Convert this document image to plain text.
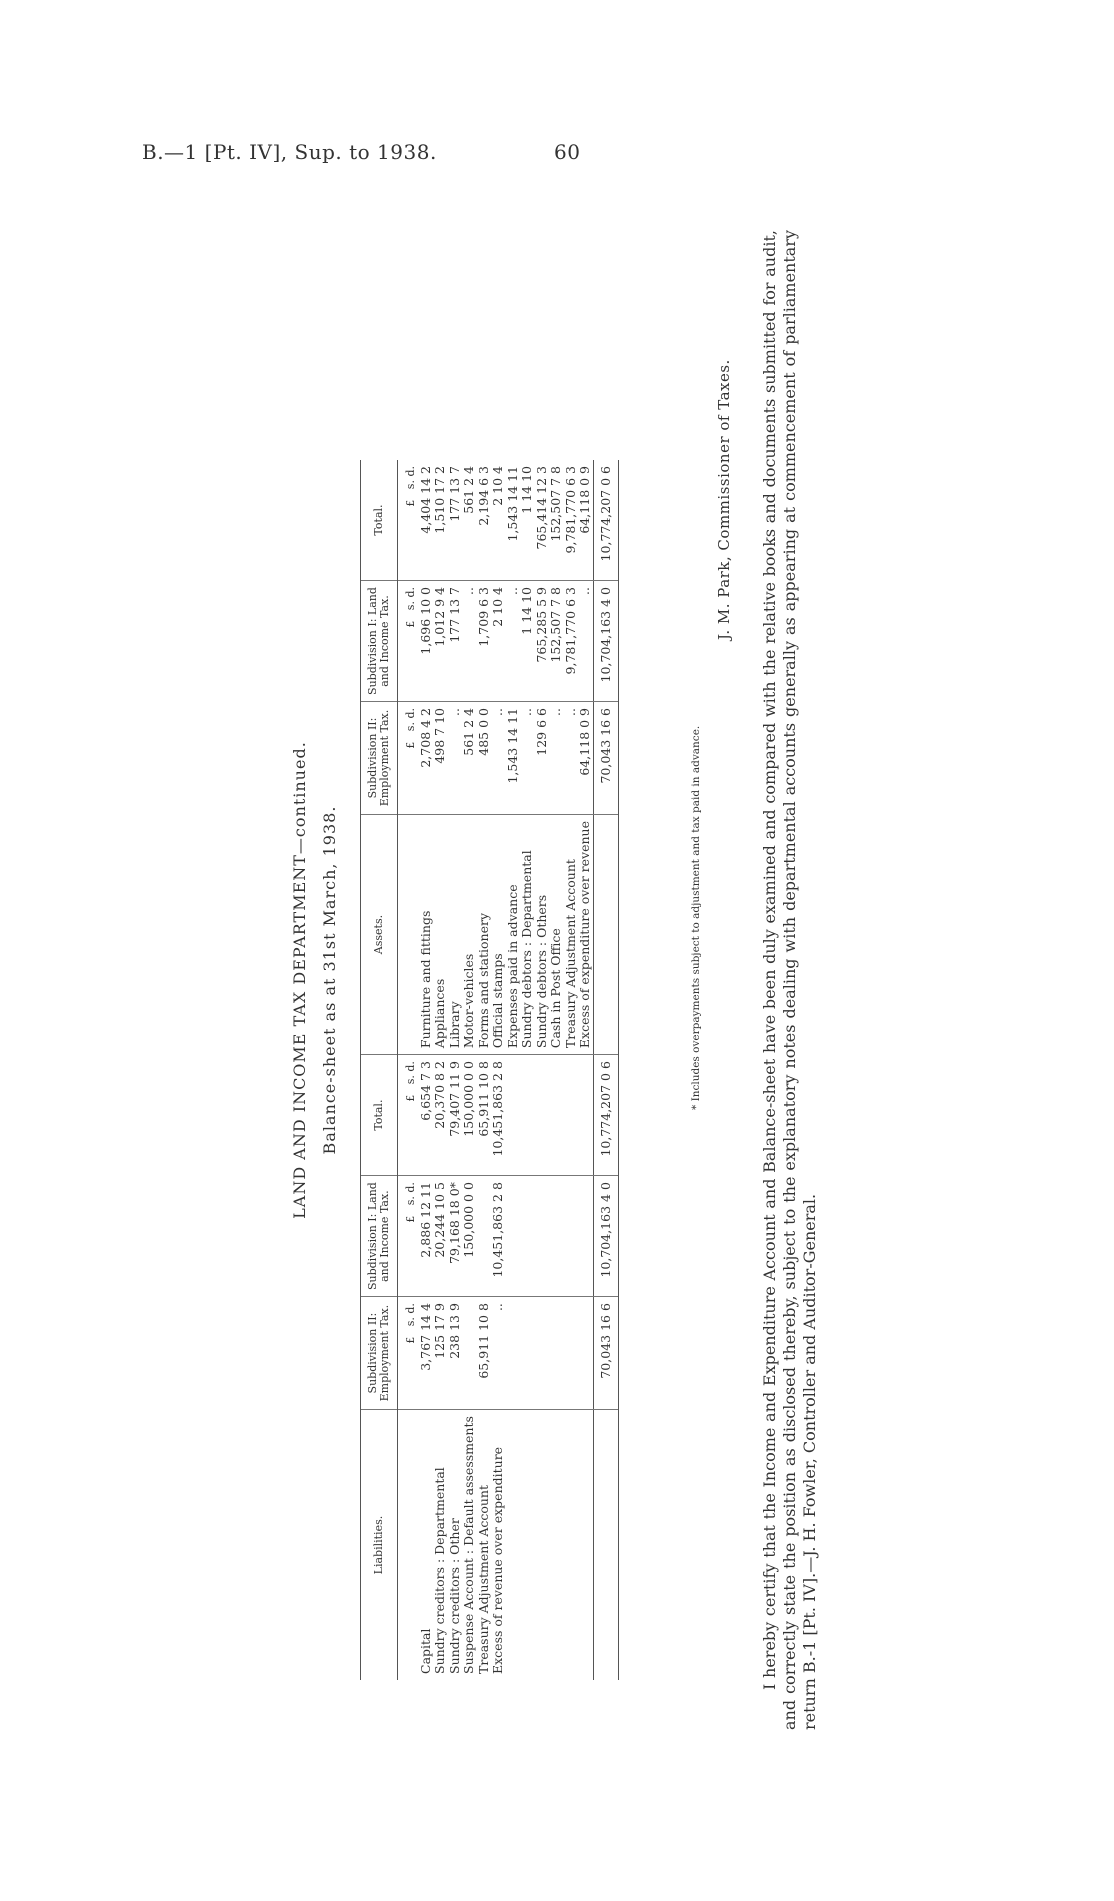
B.—1 [Pt. IV], Sup. to 1938.	60
LAND AND INCOME TAX DEPARTMENT—continued. Balance-sheet as at 31st March, 1938.
Liabilities.	Subdivision II: Employment Tax.	Subdivision I: Land and Income Tax.	Total.	Assets.	Subdivision II: Employment Tax.	Subdivision I: Land and Income Tax.	Total.
	£   s. d.	£   s. d.	£   s. d.		£   s. d.	£   s. d.	£   s. d.
Capital	3,767 14 4	2,886 12 11	6,654 7 3	Furniture and fittings	2,708 4 2	1,696 10 0	4,404 14 2
Sundry creditors : Departmental	125 17 9	20,244 10 5	20,370 8 2	Appliances	498 7 10	1,012 9 4	1,510 17 2
Sundry creditors : Other	238 13 9	79,168 18 0*	79,407 11 9	Library	..	177 13 7	177 13 7
Suspense Account : Default assessments		150,000 0 0	150,000 0 0	Motor-vehicles	561 2 4	..	561 2 4
Treasury Adjustment Account	65,911 10 8		65,911 10 8	Forms and stationery	485 0 0	1,709 6 3	2,194 6 3
Excess of revenue over expenditure	..	10,451,863 2 8	10,451,863 2 8	Official stamps	..	2 10 4	2 10 4
				Expenses paid in advance	1,543 14 11	..	1,543 14 11
				Sundry debtors : Departmental	..	1 14 10	1 14 10
				Sundry debtors : Others	129 6 6	765,285 5 9	765,414 12 3
				Cash in Post Office	..	152,507 7 8	152,507 7 8
				Treasury Adjustment Account	..	9,781,770 6 3	9,781,770 6 3
				Excess of expenditure over revenue	64,118 0 9	..	64,118 0 9
	70,043 16 6	10,704,163 4 0	10,774,207 0 6		70,043 16 6	10,704,163 4 0	10,774,207 0 6
* Includes overpayments subject to adjustment and tax paid in advance.
J. M. Park, Commissioner of Taxes. I hereby certify that the Income and Expenditure Account and Balance-sheet have been duly examined and compared with the relative books and documents submitted for audit, and correctly state the position as disclosed thereby, subject to the explanatory notes dealing with departmental accounts generally as appearing at commencement of parliamentary return B.-1 [Pt. IV].—J. H. Fowler, Controller and Auditor-General.
